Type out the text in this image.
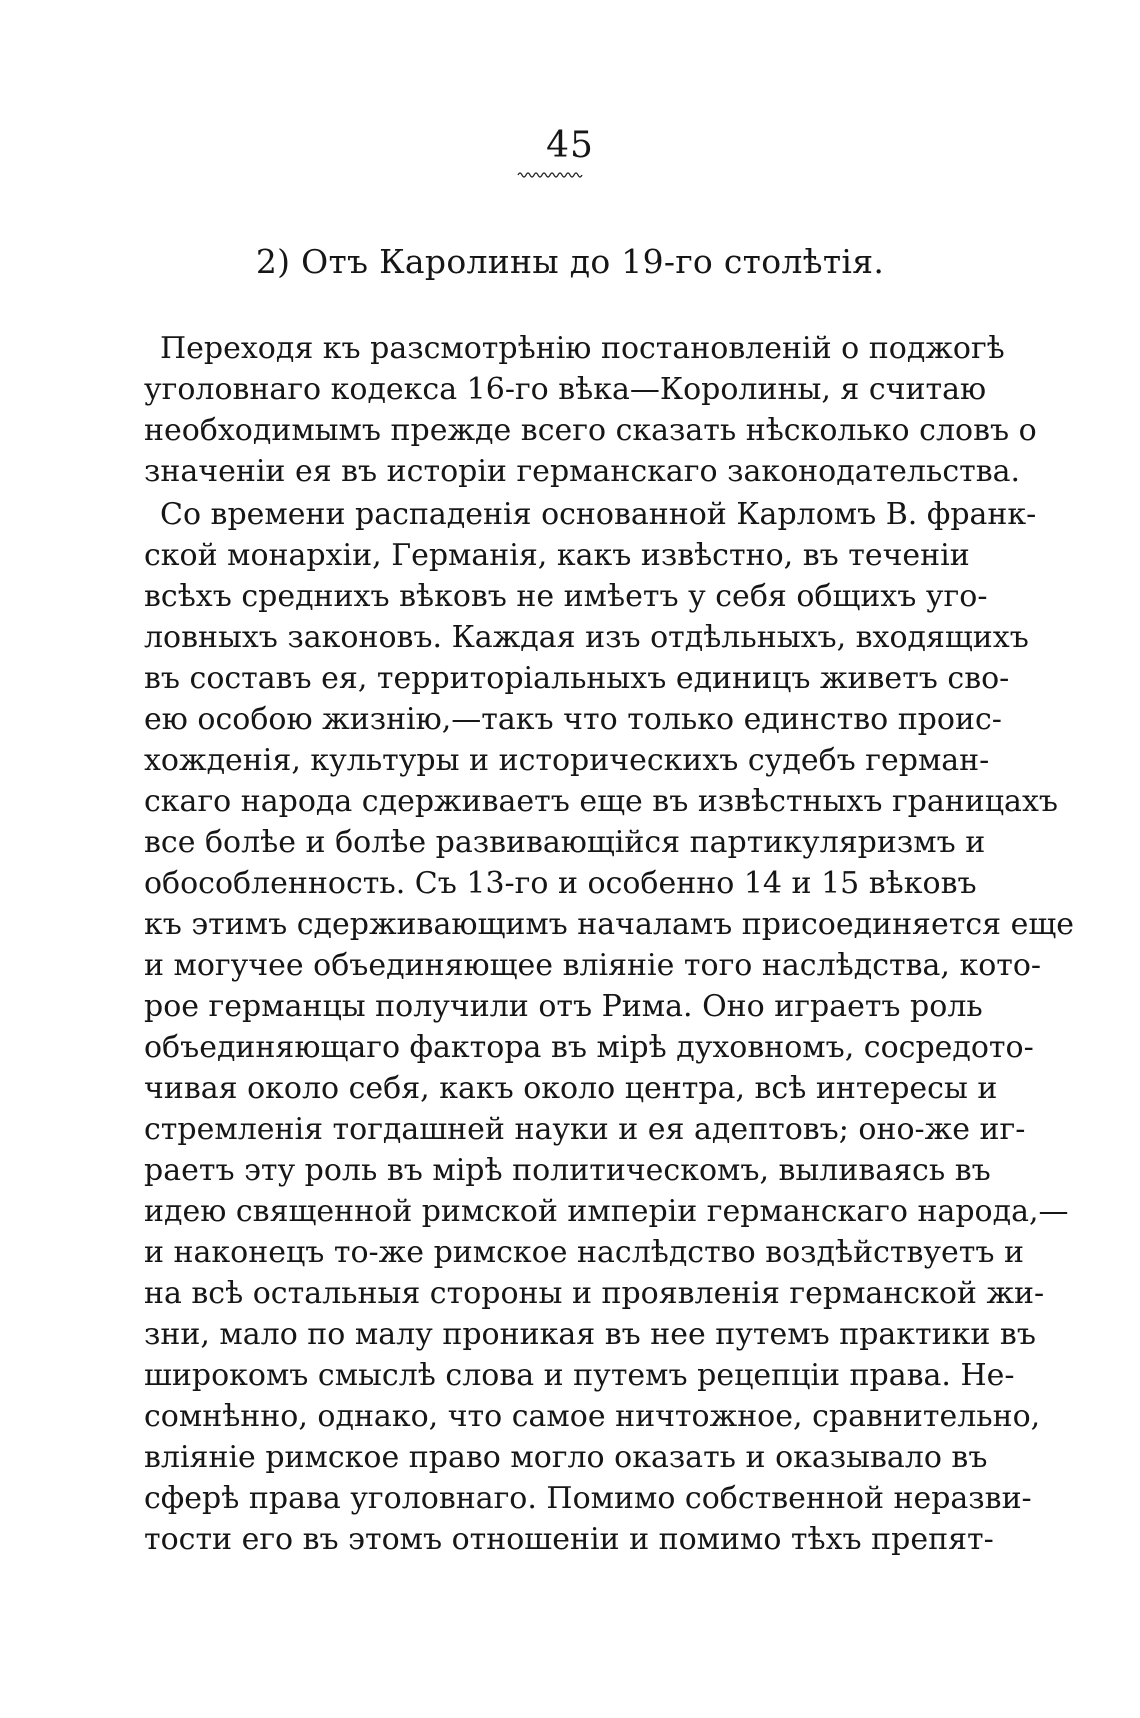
45
2) Отъ Каролины до 19-го столѣтія.
Переходя къ разсмотрѣнію постановленій о поджогѣ
уголовнаго кодекса 16-го вѣка—Королины, я считаю
необходимымъ прежде всего сказать нѣсколько словъ о
значеніи ея въ исторіи германскаго законодательства.
Со времени распаденія основанной Карломъ В. франк-
ской монархіи, Германія, какъ извѣстно, въ теченіи
всѣхъ среднихъ вѣковъ не имѣетъ у себя общихъ уго-
ловныхъ законовъ. Каждая изъ отдѣльныхъ, входящихъ
въ составъ ея, территоріальныхъ единицъ живетъ сво-
ею особою жизнію,—такъ что только единство проис-
хожденія, культуры и историческихъ судебъ герман-
скаго народа сдерживаетъ еще въ извѣстныхъ границахъ
все болѣе и болѣе развивающійся партикуляризмъ и
обособленность. Съ 13-го и особенно 14 и 15 вѣковъ
къ этимъ сдерживающимъ началамъ присоединяется еще
и могучее объединяющее вліяніе того наслѣдства, кото-
рое германцы получили отъ Рима. Оно играетъ роль
объединяющаго фактора въ мірѣ духовномъ, сосредото-
чивая около себя, какъ около центра, всѣ интересы и
стремленія тогдашней науки и ея адептовъ; оно-же иг-
раетъ эту роль въ мірѣ политическомъ, выливаясь въ
идею священной римской имперіи германскаго народа,—
и наконецъ то-же римское наслѣдство воздѣйствуетъ и
на всѣ остальныя стороны и проявленія германской жи-
зни, мало по малу проникая въ нее путемъ практики въ
широкомъ смыслѣ слова и путемъ рецепціи права. Не-
сомнѣнно, однако, что самое ничтожное, сравнительно,
вліяніе римское право могло оказать и оказывало въ
сферѣ права уголовнаго. Помимо собственной неразви-
тости его въ этомъ отношеніи и помимо тѣхъ препят-
